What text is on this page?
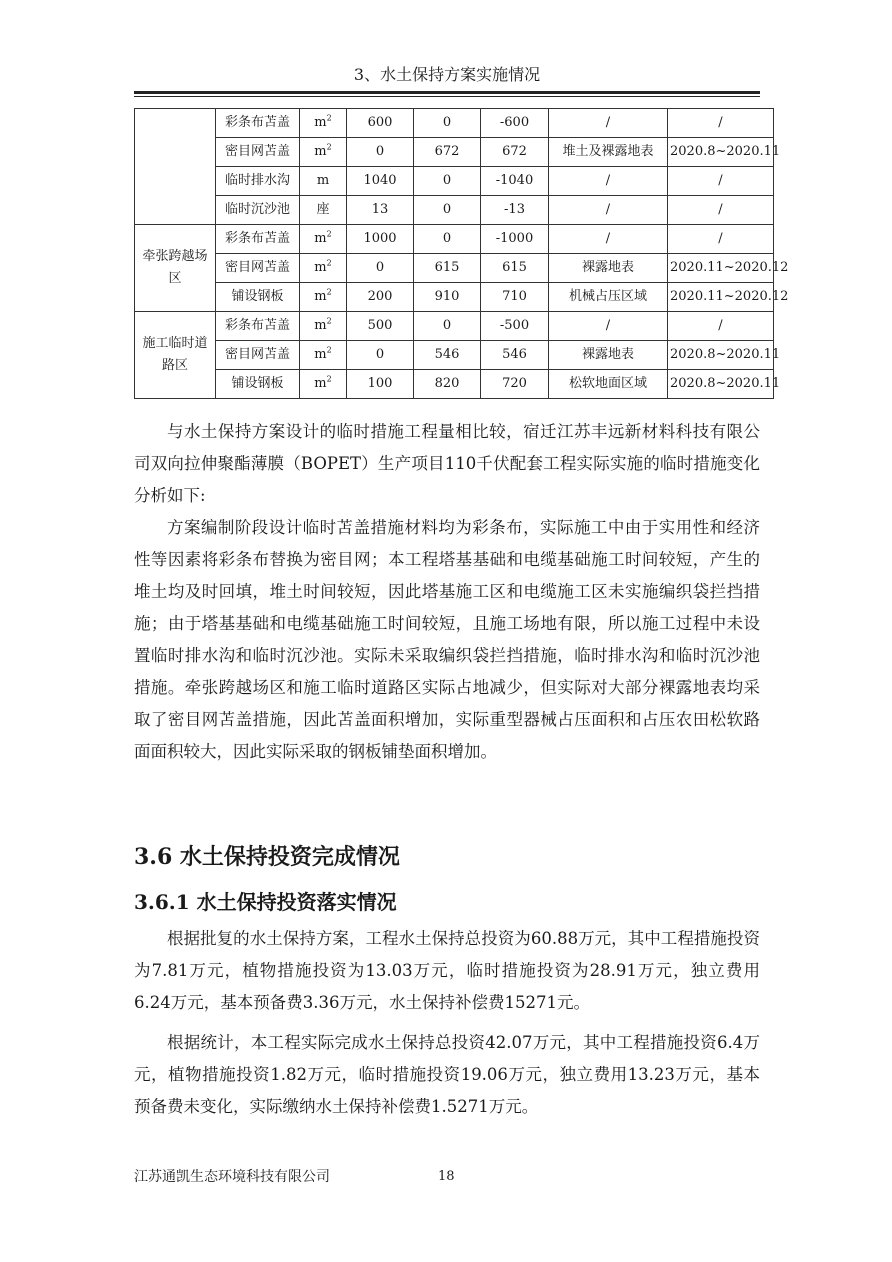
3、水土保持方案实施情况
	彩条布苫盖	$m^2$	600	0	-600	/	/
	密目网苫盖	$m^2$	0	672	672	堆土及裸露地表	2020.8~2020.11
	临时排水沟	m	1040	0	-1040	/	/
	临时沉沙池	座	13	0	-13	/	/
牵张跨越场区	彩条布苫盖	$m^2$	1000	0	-1000	/	/
	密目网苫盖	$m^2$	0	615	615	裸露地表	2020.11~2020.12
	铺设钢板	$m^2$	200	910	710	机械占压区域	2020.11~2020.12
施工临时道路区	彩条布苫盖	$m^2$	500	0	-500	/	/
	密目网苫盖	$m^2$	0	546	546	裸露地表	2020.8~2020.11
	铺设钢板	$m^2$	100	820	720	松软地面区域	2020.8~2020.11

与水土保持方案设计的临时措施工程量相比较，宿迁江苏丰远新材料科技有限公司双向拉伸聚酯薄膜（BOPET）生产项目110千伏配套工程实际实施的临时措施变化分析如下:

方案编制阶段设计临时苫盖措施材料均为彩条布，实际施工中由于实用性和经济性等因素将彩条布替换为密目网；本工程塔基基础和电缆基础施工时间较短，产生的堆土均及时回填，堆土时间较短，因此塔基施工区和电缆施工区未实施编织袋拦挡措施；由于塔基基础和电缆基础施工时间较短，且施工场地有限，所以施工过程中未设置临时排水沟和临时沉沙池。实际未采取编织袋拦挡措施，临时排水沟和临时沉沙池措施。牵张跨越场区和施工临时道路区实际占地减少，但实际对大部分裸露地表均采取了密目网苫盖措施，因此苫盖面积增加，实际重型器械占压面积和占压农田松软路面面积较大，因此实际采取的钢板铺垫面积增加。

3.6 水土保持投资完成情况
3.6.1 水土保持投资落实情况

根据批复的水土保持方案，工程水土保持总投资为60.88万元，其中工程措施投资为7.81万元，植物措施投资为13.03万元，临时措施投资为28.91万元，独立费用6.24万元，基本预备费3.36万元，水土保持补偿费15271元。

根据统计，本工程实际完成水土保持总投资42.07万元，其中工程措施投资6.4万元，植物措施投资1.82万元，临时措施投资19.06万元，独立费用13.23万元，基本预备费未变化，实际缴纳水土保持补偿费1.5271万元。

江苏通凯生态环境科技有限公司	18
